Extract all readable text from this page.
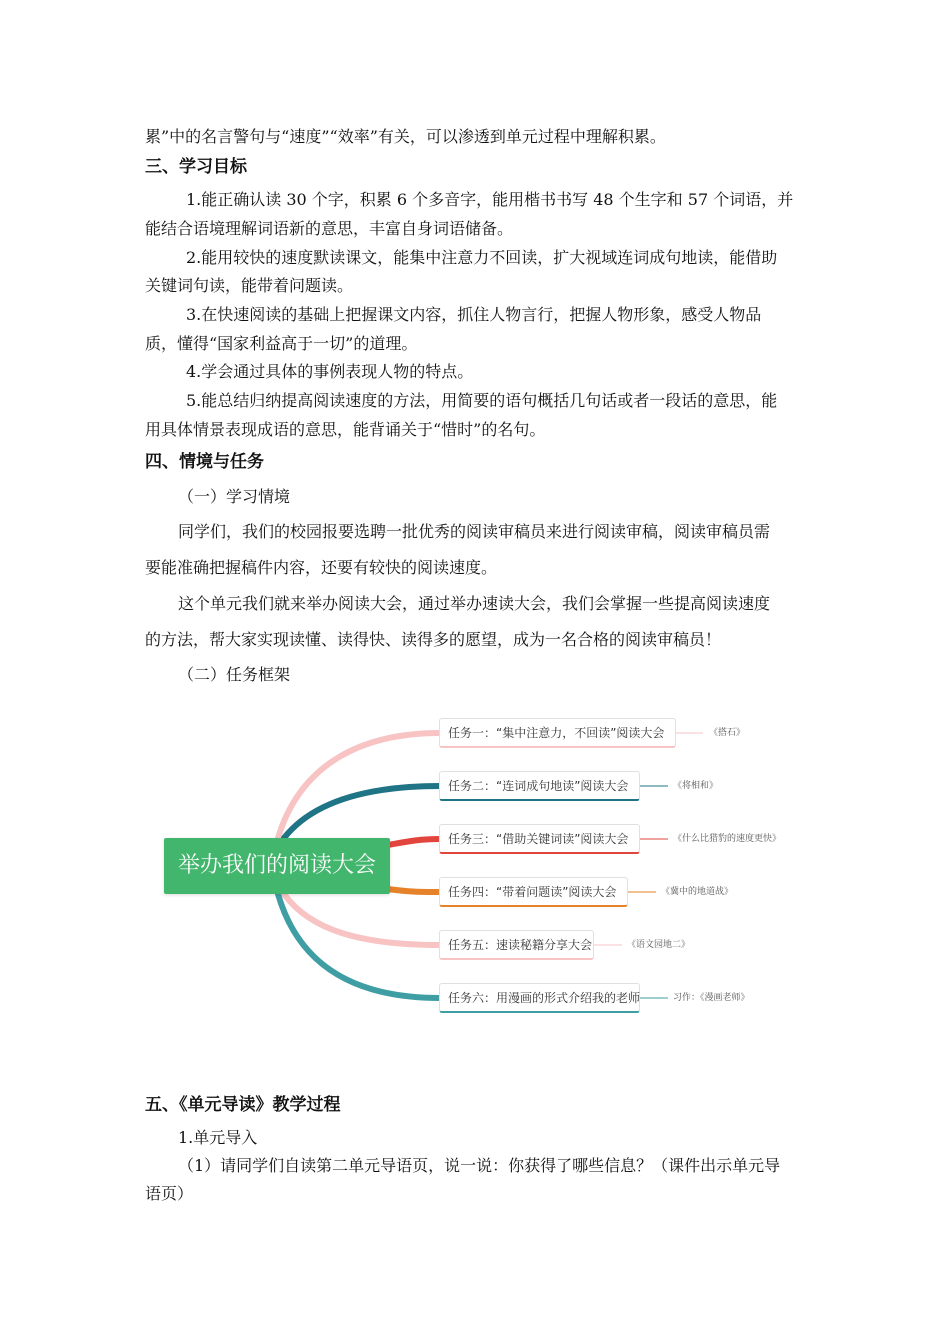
累”中的名言警句与“速度”“效率”有关，可以渗透到单元过程中理解积累。
三、学习目标
1.能正确认读 30 个字，积累 6 个多音字，能用楷书书写 48 个生字和 57 个词语，并
能结合语境理解词语新的意思，丰富自身词语储备。
2.能用较快的速度默读课文，能集中注意力不回读，扩大视域连词成句地读，能借助
关键词句读，能带着问题读。
3.在快速阅读的基础上把握课文内容，抓住人物言行，把握人物形象，感受人物品
质，懂得“国家利益高于一切”的道理。
4.学会通过具体的事例表现人物的特点。
5.能总结归纳提高阅读速度的方法，用简要的语句概括几句话或者一段话的意思，能
用具体情景表现成语的意思，能背诵关于“惜时”的名句。
四、情境与任务
（一）学习情境
同学们，我们的校园报要选聘一批优秀的阅读审稿员来进行阅读审稿，阅读审稿员需
要能准确把握稿件内容，还要有较快的阅读速度。
这个单元我们就来举办阅读大会，通过举办速读大会，我们会掌握一些提高阅读速度
的方法，帮大家实现读懂、读得快、读得多的愿望，成为一名合格的阅读审稿员！
（二）任务框架
举办我们的阅读大会
任务一：“集中注意力，不回读”阅读大会
任务二：“连词成句地读”阅读大会
任务三：“借助关键词读”阅读大会
任务四：“带着问题读”阅读大会
任务五：速读秘籍分享大会
任务六：用漫画的形式介绍我的老师
《搭石》
《将相和》
《什么比猎豹的速度更快》
《冀中的地道战》
《语文园地二》
习作：《漫画老师》
五、《单元导读》教学过程
1.单元导入
（1）请同学们自读第二单元导语页，说一说：你获得了哪些信息？（课件出示单元导
语页）
